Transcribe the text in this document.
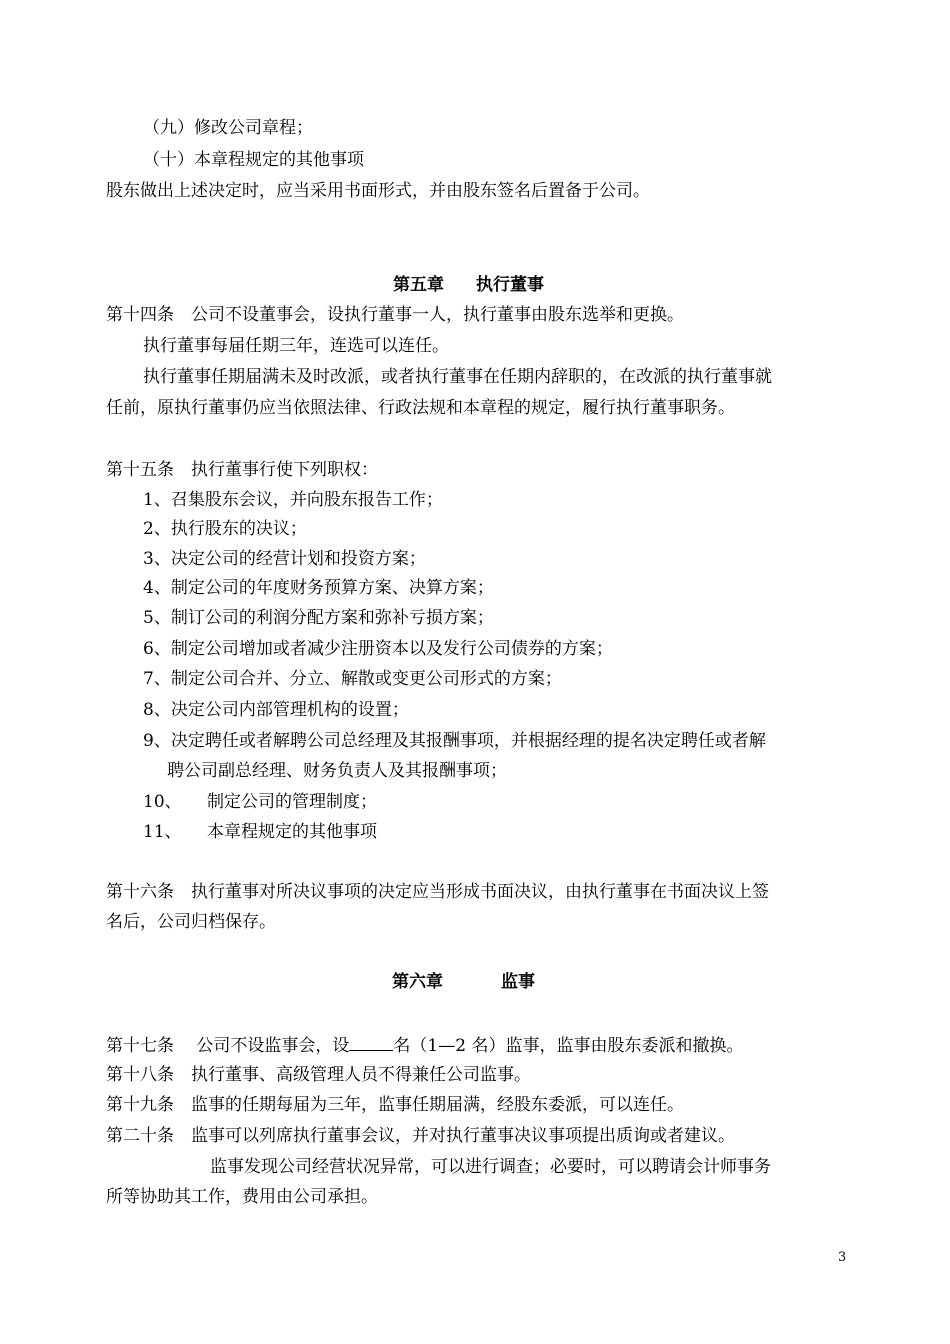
（九）修改公司章程；
（十）本章程规定的其他事项
股东做出上述决定时，应当采用书面形式，并由股东签名后置备于公司。
第五章 执行董事
第十四条　公司不设董事会，设执行董事一人，执行董事由股东选举和更换。
执行董事每届任期三年，连选可以连任。
执行董事任期届满未及时改派，或者执行董事在任期内辞职的，在改派的执行董事就
任前，原执行董事仍应当依照法律、行政法规和本章程的规定，履行执行董事职务。
第十五条　执行董事行使下列职权：
1、召集股东会议，并向股东报告工作；
2、执行股东的决议；
3、决定公司的经营计划和投资方案；
4、制定公司的年度财务预算方案、决算方案；
5、制订公司的利润分配方案和弥补亏损方案；
6、制定公司增加或者减少注册资本以及发行公司债券的方案；
7、制定公司合并、分立、解散或变更公司形式的方案；
8、决定公司内部管理机构的设置；
9、决定聘任或者解聘公司总经理及其报酬事项，并根据经理的提名决定聘任或者解
聘公司副总经理、财务负责人及其报酬事项；
10、 制定公司的管理制度；
11、 本章程规定的其他事项
第十六条　执行董事对所决议事项的决定应当形成书面决议，由执行董事在书面决议上签
名后，公司归档保存。
第六章	监事
第十七条　 公司不设监事会，设	名（1—2 名）监事，监事由股东委派和撤换。
第十八条　执行董事、高级管理人员不得兼任公司监事。
第十九条　监事的任期每届为三年，监事任期届满，经股东委派，可以连任。
第二十条　监事可以列席执行董事会议，并对执行董事决议事项提出质询或者建议。
监事发现公司经营状况异常，可以进行调查；必要时，可以聘请会计师事务
所等协助其工作，费用由公司承担。
3
